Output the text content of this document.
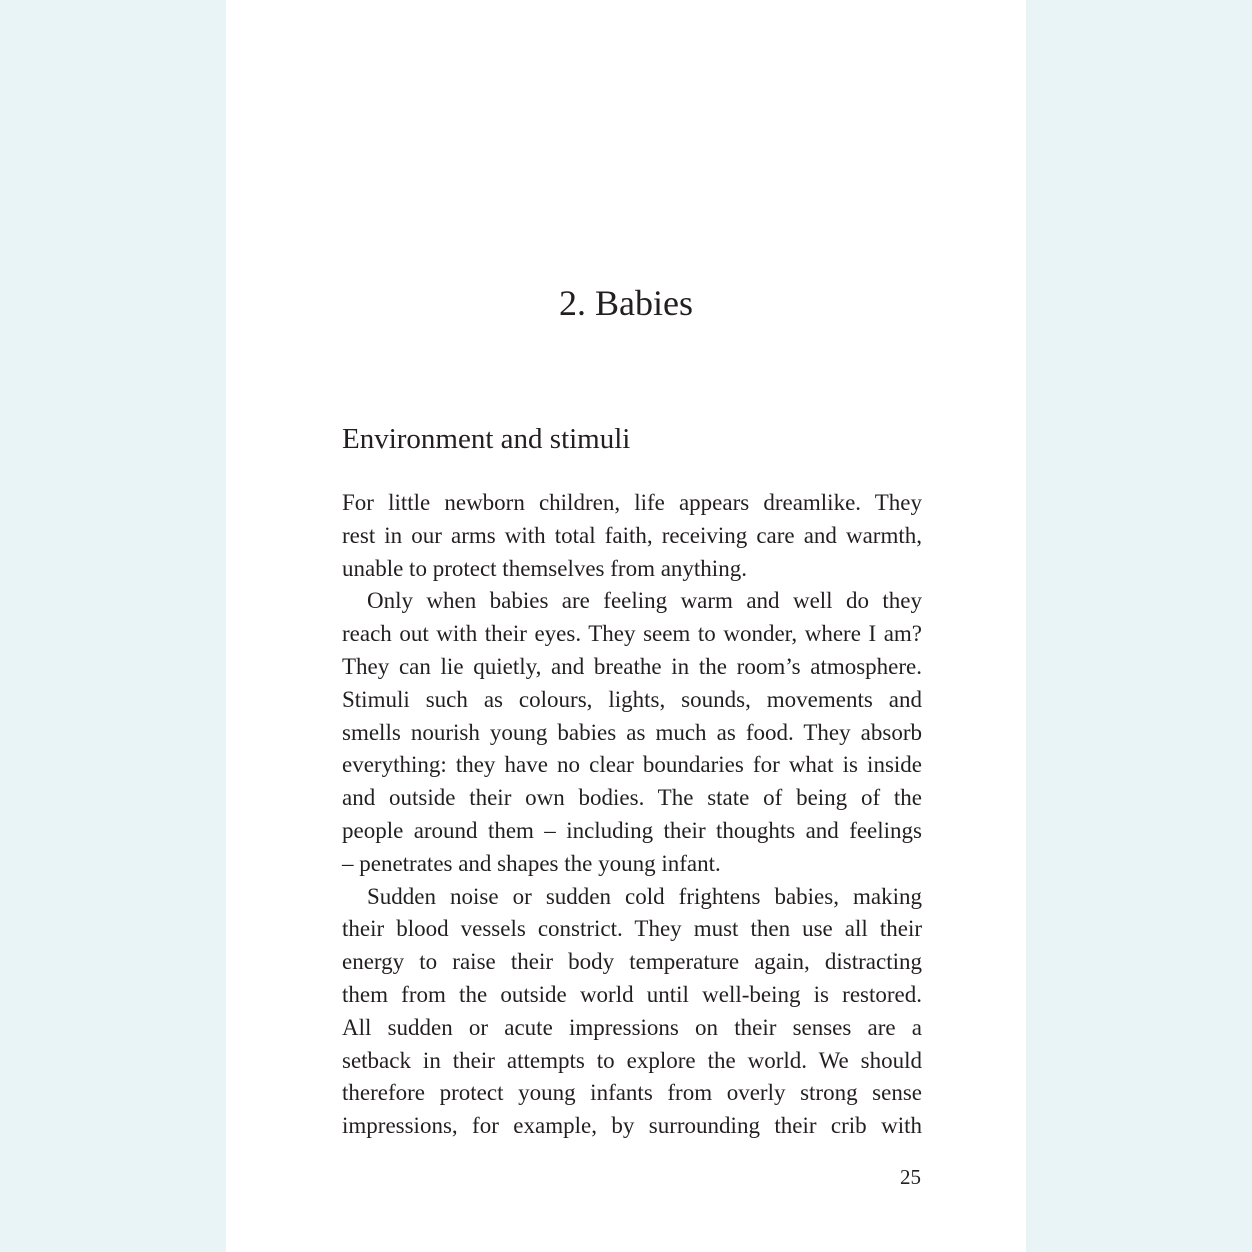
2. Babies
Environment and stimuli
For little newborn children, life appears dreamlike. They
rest in our arms with total faith, receiving care and warmth,
unable to protect themselves from anything.
Only when babies are feeling warm and well do they
reach out with their eyes. They seem to wonder, where I am?
They can lie quietly, and breathe in the room’s atmosphere.
Stimuli such as colours, lights, sounds, movements and
smells nourish young babies as much as food. They absorb
everything: they have no clear boundaries for what is inside
and outside their own bodies. The state of being of the
people around them – including their thoughts and feelings
– penetrates and shapes the young infant.
Sudden noise or sudden cold frightens babies, making
their blood vessels constrict. They must then use all their
energy to raise their body temperature again, distracting
them from the outside world until well-being is restored.
All sudden or acute impressions on their senses are a
setback in their attempts to explore the world. We should
therefore protect young infants from overly strong sense
impressions, for example, by surrounding their crib with
25
